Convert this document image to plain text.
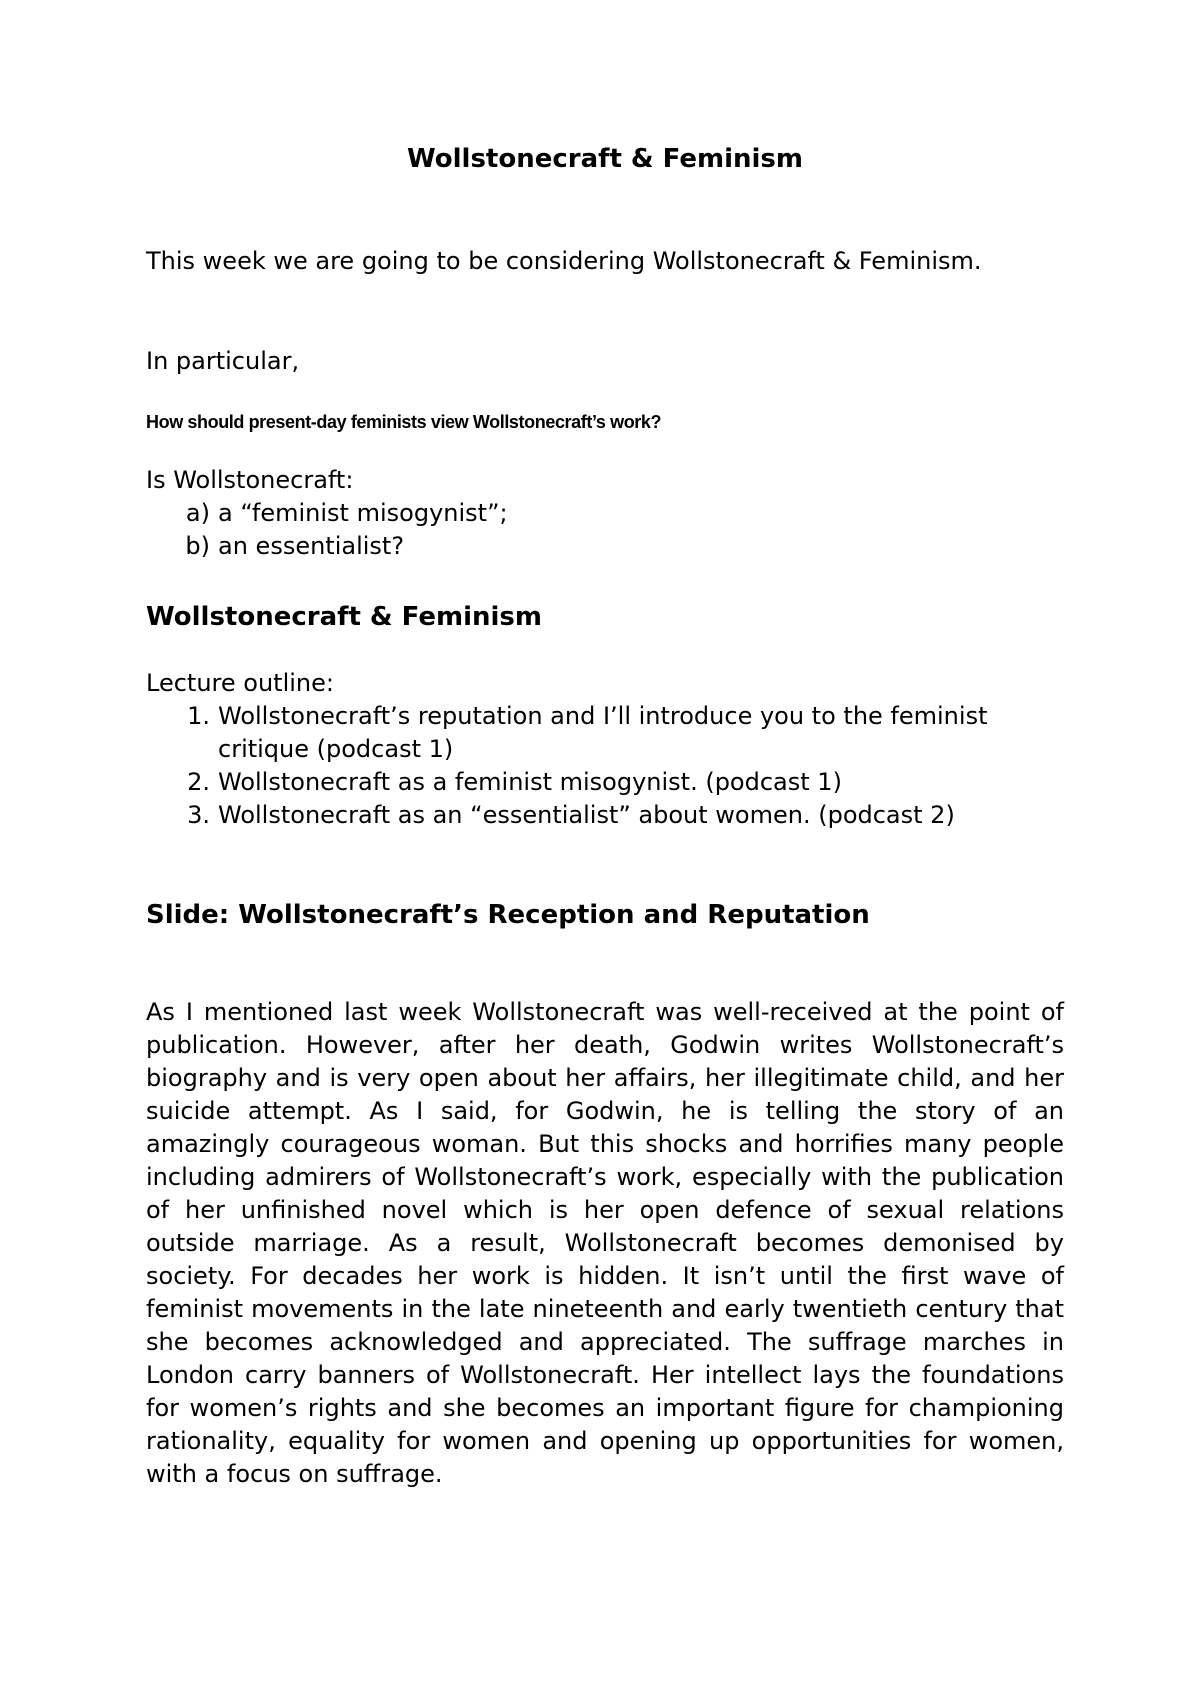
Wollstonecraft & Feminism

This week we are going to be considering Wollstonecraft & Feminism.

In particular,

How should present-day feminists view Wollstonecraft’s work?

Is Wollstonecraft:

a) a “feminist misogynist”;
b) an essentialist?
Wollstonecraft & Feminism

Lecture outline:

1. Wollstonecraft’s reputation and I’ll introduce you to the feminist critique (podcast 1)
2. Wollstonecraft as a feminist misogynist. (podcast 1)
3. Wollstonecraft as an “essentialist” about women. (podcast 2)
Slide: Wollstonecraft’s Reception and Reputation

As I mentioned last week Wollstonecraft was well-received at the point of publication. However, after her death, Godwin writes Wollstonecraft’s biography and is very open about her affairs, her illegitimate child, and her suicide attempt. As I said, for Godwin, he is telling the story of an amazingly courageous woman. But this shocks and horrifies many people including admirers of Wollstonecraft’s work, especially with the publication of her unfinished novel which is her open defence of sexual relations outside marriage. As a result, Wollstonecraft becomes demonised by society. For decades her work is hidden. It isn’t until the first wave of feminist movements in the late nineteenth and early twentieth century that she becomes acknowledged and appreciated. The suffrage marches in London carry banners of Wollstonecraft. Her intellect lays the foundations for women’s rights and she becomes an important figure for championing rationality, equality for women and opening up opportunities for women, with a focus on suffrage.
